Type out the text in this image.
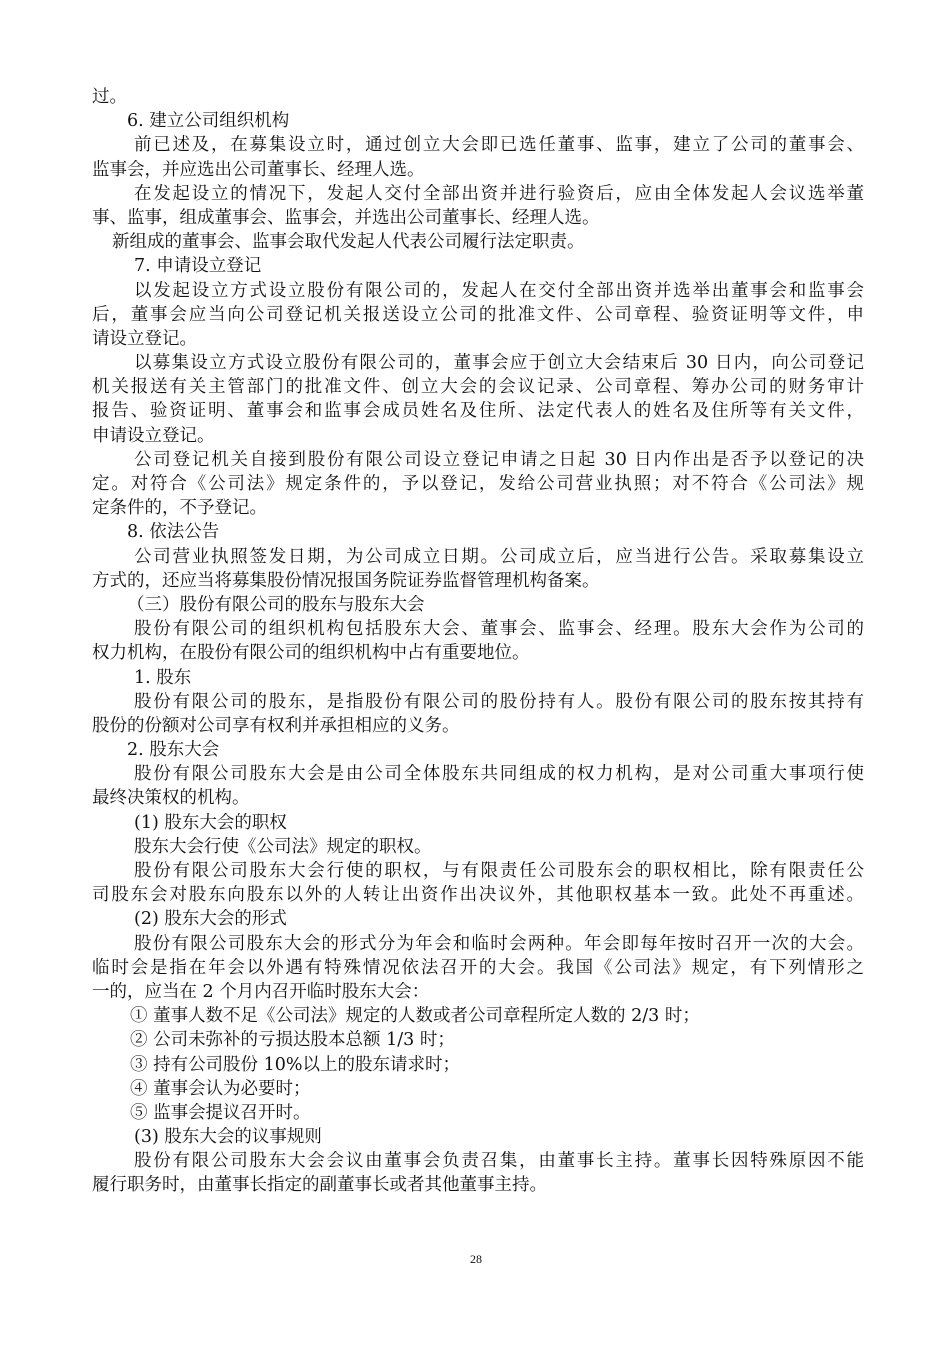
过。
6. 建立公司组织机构
前已述及，在募集设立时，通过创立大会即已选任董事、监事，建立了公司的董事会、
监事会，并应选出公司董事长、经理人选。
在发起设立的情况下，发起人交付全部出资并进行验资后，应由全体发起人会议选举董
事、监事，组成董事会、监事会，并选出公司董事长、经理人选。
新组成的董事会、监事会取代发起人代表公司履行法定职责。
7. 申请设立登记
以发起设立方式设立股份有限公司的，发起人在交付全部出资并选举出董事会和监事会
后，董事会应当向公司登记机关报送设立公司的批准文件、公司章程、验资证明等文件，申
请设立登记。
以募集设立方式设立股份有限公司的，董事会应于创立大会结束后 30 日内，向公司登记
机关报送有关主管部门的批准文件、创立大会的会议记录、公司章程、筹办公司的财务审计
报告、验资证明、董事会和监事会成员姓名及住所、法定代表人的姓名及住所等有关文件，
申请设立登记。
公司登记机关自接到股份有限公司设立登记申请之日起 30 日内作出是否予以登记的决
定。对符合《公司法》规定条件的，予以登记，发给公司营业执照；对不符合《公司法》规
定条件的，不予登记。
8. 依法公告
公司营业执照签发日期，为公司成立日期。公司成立后，应当进行公告。采取募集设立
方式的，还应当将募集股份情况报国务院证券监督管理机构备案。
（三）股份有限公司的股东与股东大会
股份有限公司的组织机构包括股东大会、董事会、监事会、经理。股东大会作为公司的
权力机构，在股份有限公司的组织机构中占有重要地位。
1. 股东
股份有限公司的股东，是指股份有限公司的股份持有人。股份有限公司的股东按其持有
股份的份额对公司享有权利并承担相应的义务。
2. 股东大会
股份有限公司股东大会是由公司全体股东共同组成的权力机构，是对公司重大事项行使
最终决策权的机构。
(1) 股东大会的职权
股东大会行使《公司法》规定的职权。
股份有限公司股东大会行使的职权，与有限责任公司股东会的职权相比，除有限责任公
司股东会对股东向股东以外的人转让出资作出决议外，其他职权基本一致。此处不再重述。
(2) 股东大会的形式
股份有限公司股东大会的形式分为年会和临时会两种。年会即每年按时召开一次的大会。
临时会是指在年会以外遇有特殊情况依法召开的大会。我国《公司法》规定，有下列情形之
一的，应当在 2 个月内召开临时股东大会：
① 董事人数不足《公司法》规定的人数或者公司章程所定人数的 2/3 时；
② 公司未弥补的亏损达股本总额 1/3 时；
③ 持有公司股份 10%以上的股东请求时；
④ 董事会认为必要时；
⑤ 监事会提议召开时。
(3) 股东大会的议事规则
股份有限公司股东大会会议由董事会负责召集，由董事长主持。董事长因特殊原因不能
履行职务时，由董事长指定的副董事长或者其他董事主持。
28
